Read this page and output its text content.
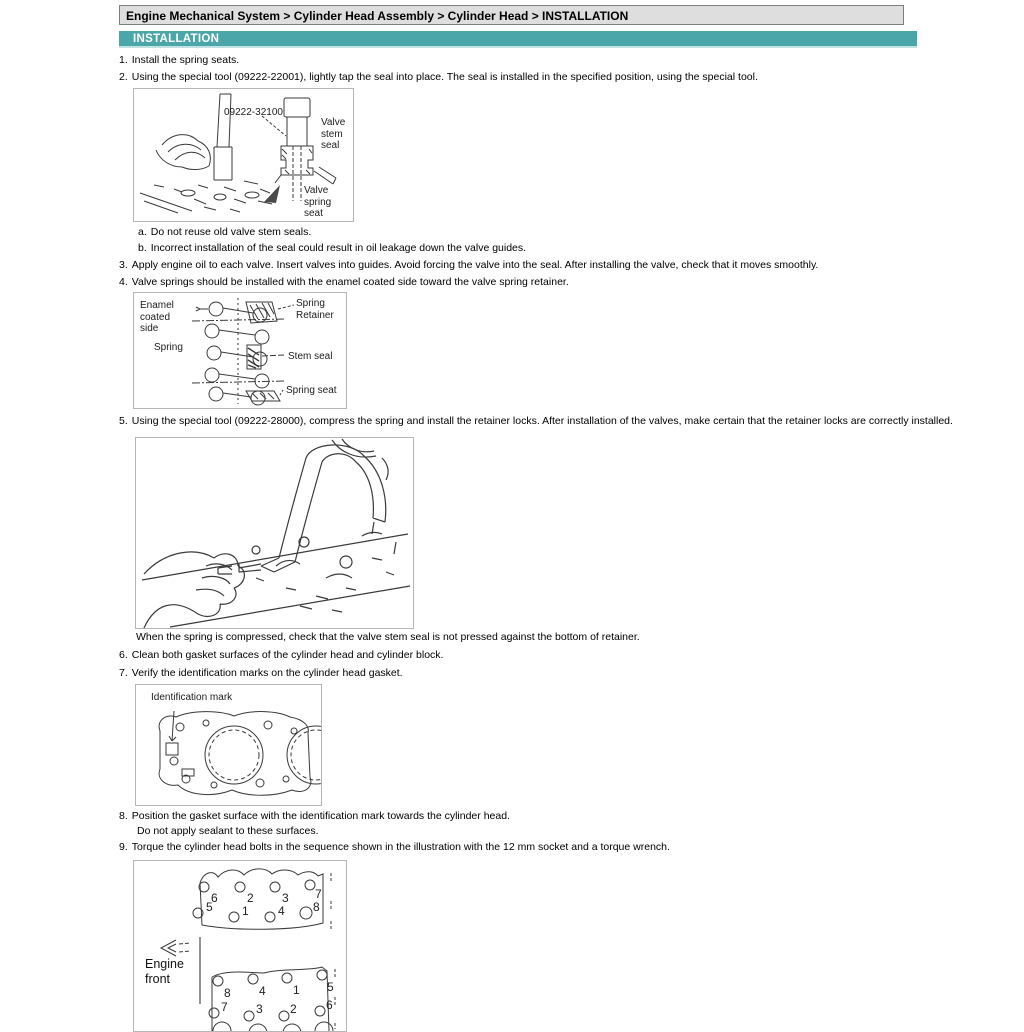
Engine Mechanical System > Cylinder Head Assembly > Cylinder Head > INSTALLATION
INSTALLATION
1. Install the spring seats.
2. Using the special tool (09222-22001), lightly tap the seal into place. The seal is installed in the specified position, using the special tool.
09222-32100
Valve stem seal
Valve spring seat
a. Do not reuse old valve stem seals.
b. Incorrect installation of the seal could result in oil leakage down the valve guides.
3. Apply engine oil to each valve. Insert valves into guides. Avoid forcing the valve into the seal. After installing the valve, check that it moves smoothly.
4. Valve springs should be installed with the enamel coated side toward the valve spring retainer.
Enamel coated side
Spring
Spring Retainer
Stem seal
Spring seat
5. Using the special tool (09222-28000), compress the spring and install the retainer locks. After installation of the valves, make certain that the retainer locks are correctly installed.
When the spring is compressed, check that the valve stem seal is not pressed against the bottom of retainer.
6. Clean both gasket surfaces of the cylinder head and cylinder block.
7. Verify the identification marks on the cylinder head gasket.
Identification mark
8. Position the gasket surface with the identification mark towards the cylinder head.
Do not apply sealant to these surfaces.
9. Torque the cylinder head bolts in the sequence shown in the illustration with the 12 mm socket and a torque wrench.
6 2 3 7
5 1 4 8
8 4 1 5
7 3 2 6
Engine front
